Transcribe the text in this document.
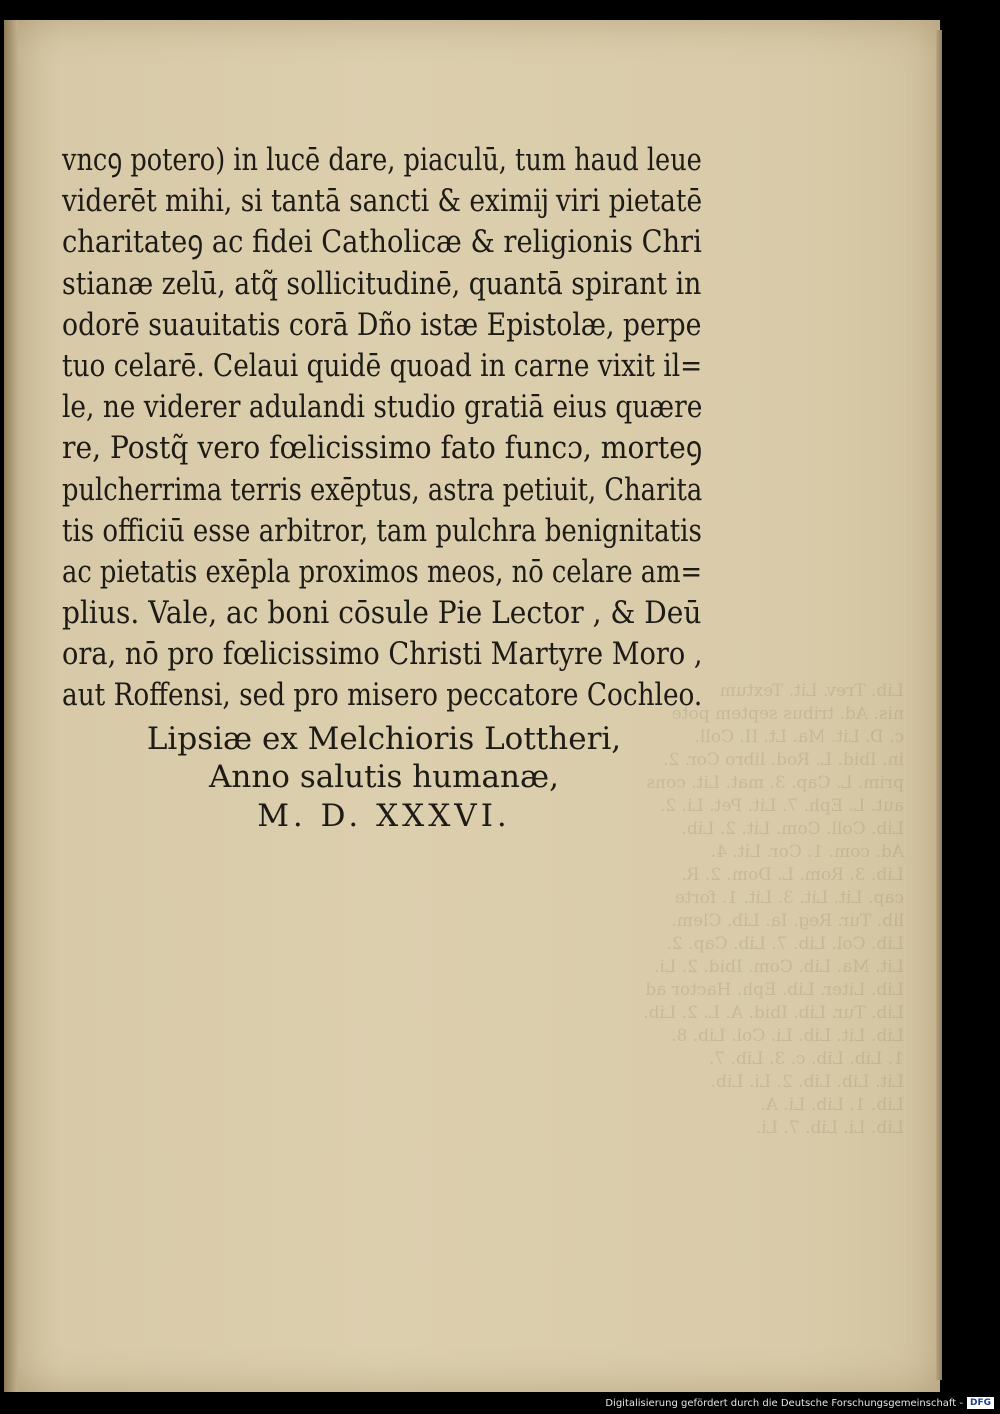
Lib. Trev. Lit. Textum
nis. Ad. tribus septem pote
c. D. Lit. Ma. Lt. II. Coll.
in. Ibid. L. Rod. libro Cor. 2.
prim. L. Cap. 3. mat. Lit. cons
aut. L. Eph. 7. Lit. Pet. Li. 2.
Lib. Coll. Com. Lit. 2. Lib.
Ad. com. 1. Cor. Lit. 4.
Lib. 3. Rom. L. Dom. 2. R.
cap. Lit. Lit. 3. Lit. 1. forte
lib. Tur. Reg. Ia. Lib. Clem.
Lib. Col. Lib. 7. Lib. Cap. 2.
Lit. Ma. Lib. Com. Ibid. 2. Li.
Lib. Liter. Lib. Eph. Hactor ad
Lib. Tur. Lib. Ibid. A. L. 2. Lib.
Lib. Lit. Lib. Li. Col. Lib. 8.
1. Lib. Lib. c. 3. Lib. 7.
Lit. Lib. Lib. 2. Li. Lib.
Lib. 1. Lib. Li. A.
Lib. Li. Lib. 7. Li.
vncꝯ potero) in lucē dare, piaculū, tum haud leue
viderēt mihi, si tantā sancti & eximĳ viri pietatē
charitateꝯ ac fidei Catholicæ & religionis Chri
stianæ zelū, atq̃ sollicitudinē, quantā spirant in
odorē suauitatis corā Dño istæ Epistolæ, perpe
tuo celarē. Celaui quidē quoad in carne vixit il=
le, ne viderer adulandi studio gratiā eius quære
re, Postq̃ vero fœlicissimo fato funcɔ, morteꝯ
pulcherrima terris exēptus, astra petiuit, Charita
tis officiū esse arbitror, tam pulchra benignitatis
ac pietatis exēpla proximos meos, nō celare am=
plius. Vale, ac boni cōsule Pie Lector , & Deū
ora, nō pro fœlicissimo Christi Martyre Moro ,
aut Roffensi, sed pro misero peccatore Cochleo.
Lipsiæ ex Melchioris Lottheri,
Anno salutis humanæ,
M. D. XXXVI.
Digitalisierung gefördert durch die Deutsche Forschungsgemeinschaft - DFG
